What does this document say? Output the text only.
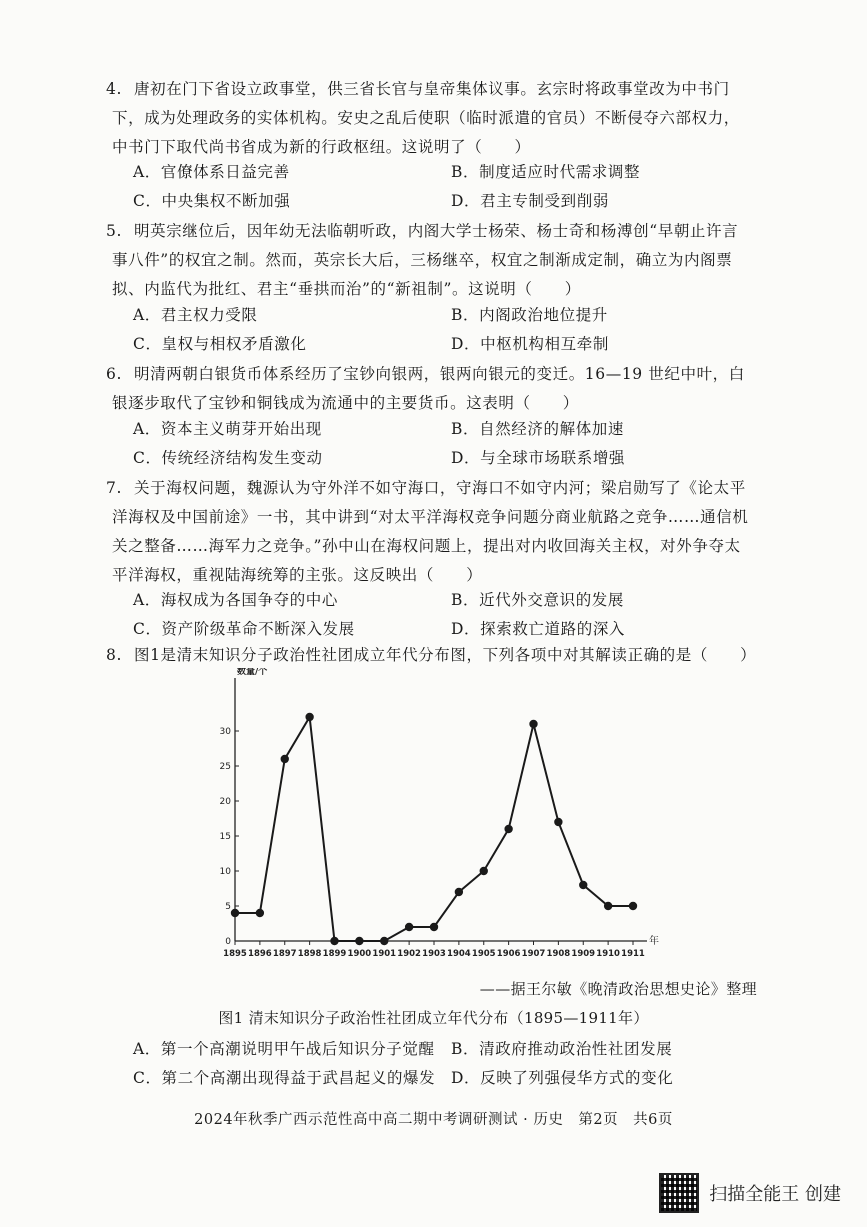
4. 唐初在门下省设立政事堂，供三省长官与皇帝集体议事。玄宗时将政事堂改为中书门下，成为处理政务的实体机构。安史之乱后使职（临时派遣的官员）不断侵夺六部权力，中书门下取代尚书省成为新的行政枢纽。这说明了（　　）
A．官僚体系日益完善	B．制度适应时代需求调整
C．中央集权不断加强	D．君主专制受到削弱
5. 明英宗继位后，因年幼无法临朝听政，内阁大学士杨荣、杨士奇和杨溥创“早朝止许言事八件”的权宜之制。然而，英宗长大后，三杨继卒，权宜之制渐成定制，确立为内阁票拟、内监代为批红、君主“垂拱而治”的“新祖制”。这说明（　　）
A．君主权力受限	B．内阁政治地位提升
C．皇权与相权矛盾激化	D．中枢机构相互牵制
6. 明清两朝白银货币体系经历了宝钞向银两，银两向银元的变迁。16—19 世纪中叶，白银逐步取代了宝钞和铜钱成为流通中的主要货币。这表明（　　）
A．资本主义萌芽开始出现	B．自然经济的解体加速
C．传统经济结构发生变动	D．与全球市场联系增强
7. 关于海权问题，魏源认为守外洋不如守海口，守海口不如守内河；梁启勋写了《论太平洋海权及中国前途》一书，其中讲到“对太平洋海权竞争问题分商业航路之竞争……通信机关之整备……海军力之竞争。”孙中山在海权问题上，提出对内收回海关主权，对外争夺太平洋海权，重视陆海统筹的主张。这反映出（　　）
A．海权成为各国争夺的中心	B．近代外交意识的发展
C．资产阶级革命不断深入发展	D．探索救亡道路的深入
8. 图1是清末知识分子政治性社团成立年代分布图，下列各项中对其解读正确的是（　　）
数量/个
年
0
5
10
15
20
25
30
1895 1896 1897 1898 1899 1900 1901 1902 1903 1904 1905 1906 1907 1908 1909 1910 1911
——据王尔敏《晚清政治思想史论》整理
图1 清末知识分子政治性社团成立年代分布（1895—1911年）
A．第一个高潮说明甲午战后知识分子觉醒 B．清政府推动政治性社团发展
C．第二个高潮出现得益于武昌起义的爆发 D．反映了列强侵华方式的变化
2024年秋季广西示范性高中高二期中考调研测试 · 历史　第2页　共6页
扫描全能王 创建
